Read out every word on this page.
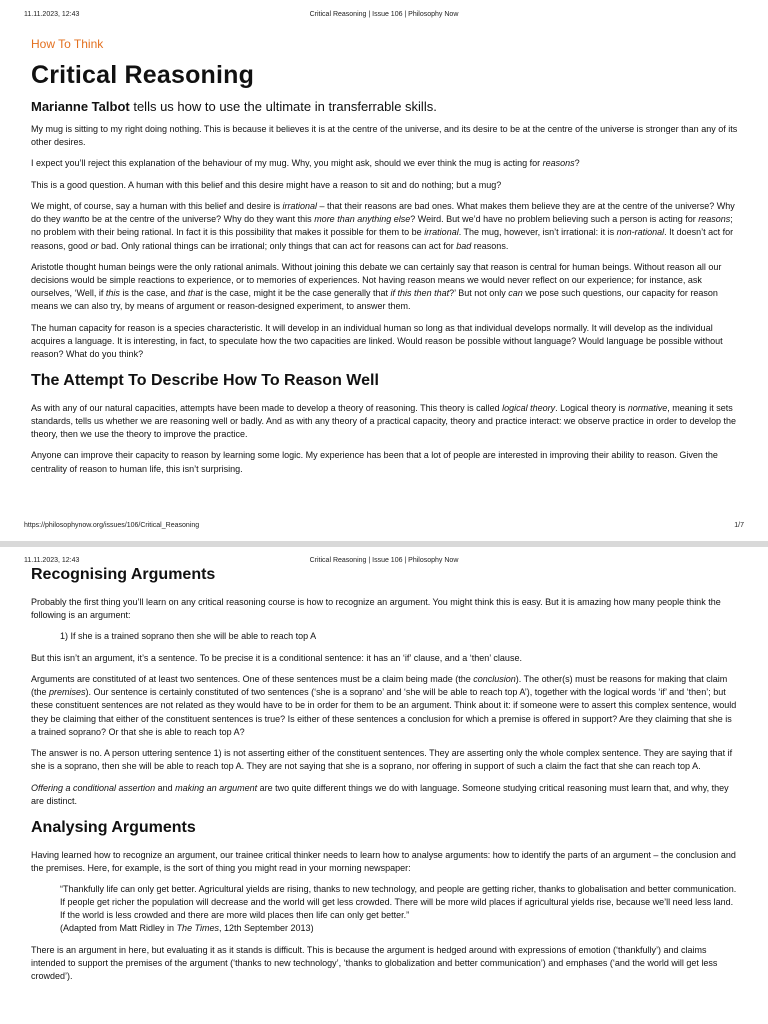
11.11.2023, 12:43	Critical Reasoning | Issue 106 | Philosophy Now
How To Think
Critical Reasoning
Marianne Talbot tells us how to use the ultimate in transferrable skills.

My mug is sitting to my right doing nothing. This is because it believes it is at the centre of the universe, and its desire to be at the centre of the universe is stronger than any of its other desires.

I expect you’ll reject this explanation of the behaviour of my mug. Why, you might ask, should we ever think the mug is acting for reasons?

This is a good question. A human with this belief and this desire might have a reason to sit and do nothing; but a mug?

We might, of course, say a human with this belief and desire is irrational – that their reasons are bad ones. What makes them believe they are at the centre of the universe? Why do they wantto be at the centre of the universe? Why do they want this more than anything else? Weird. But we’d have no problem believing such a person is acting for reasons; no problem with their being rational. In fact it is this possibility that makes it possible for them to be irrational. The mug, however, isn’t irrational: it is non-rational. It doesn’t act for reasons, good or bad. Only rational things can be irrational; only things that can act for reasons can act for bad reasons.

Aristotle thought human beings were the only rational animals. Without joining this debate we can certainly say that reason is central for human beings. Without reason all our decisions would be simple reactions to experience, or to memories of experiences. Not having reason means we would never reflect on our experience; for instance, ask ourselves, ‘Well, if this is the case, and that is the case, might it be the case generally that if this then that?’ But not only can we pose such questions, our capacity for reason means we can also try, by means of argument or reason-designed experiment, to answer them.

The human capacity for reason is a species characteristic. It will develop in an individual human so long as that individual develops normally. It will develop as the individual acquires a language. It is interesting, in fact, to speculate how the two capacities are linked. Would reason be possible without language? Would language be possible without reason? What do you think?

The Attempt To Describe How To Reason Well

As with any of our natural capacities, attempts have been made to develop a theory of reasoning. This theory is called logical theory. Logical theory is normative, meaning it sets standards, tells us whether we are reasoning well or badly. And as with any theory of a practical capacity, theory and practice interact: we observe practice in order to develop the theory, then we use the theory to improve the practice.

Anyone can improve their capacity to reason by learning some logic. My experience has been that a lot of people are interested in improving their ability to reason. Given the centrality of reason to human life, this isn’t surprising.

https://philosophynow.org/issues/106/Critical_Reasoning	1/7
11.11.2023, 12:43	Critical Reasoning | Issue 106 | Philosophy Now
Recognising Arguments

Probably the first thing you’ll learn on any critical reasoning course is how to recognize an argument. You might think this is easy. But it is amazing how many people think the following is an argument:

1) If she is a trained soprano then she will be able to reach top A

But this isn’t an argument, it’s a sentence. To be precise it is a conditional sentence: it has an ‘if’ clause, and a ‘then’ clause.

Arguments are constituted of at least two sentences. One of these sentences must be a claim being made (the conclusion). The other(s) must be reasons for making that claim (the premises). Our sentence is certainly constituted of two sentences (‘she is a soprano’ and ‘she will be able to reach top A’), together with the logical words ‘if’ and ‘then’; but these constituent sentences are not related as they would have to be in order for them to be an argument. Think about it: if someone were to assert this complex sentence, would they be claiming that either of the constituent sentences is true? Is either of these sentences a conclusion for which a premise is offered in support? Are they claiming that she is a trained soprano? Or that she is able to reach top A?

The answer is no. A person uttering sentence 1) is not asserting either of the constituent sentences. They are asserting only the whole complex sentence. They are saying that if she is a soprano, then she will be able to reach top A. They are not saying that she is a soprano, nor offering in support of such a claim the fact that she can reach top A.

Offering a conditional assertion and making an argument are two quite different things we do with language. Someone studying critical reasoning must learn that, and why, they are distinct.

Analysing Arguments

Having learned how to recognize an argument, our trainee critical thinker needs to learn how to analyse arguments: how to identify the parts of an argument – the conclusion and the premises. Here, for example, is the sort of thing you might read in your morning newspaper:

“Thankfully life can only get better. Agricultural yields are rising, thanks to new technology, and people are getting richer, thanks to globalisation and better communication. If people get richer the population will decrease and the world will get less crowded. There will be more wild places if agricultural yields rise, because we’ll need less land. If the world is less crowded and there are more wild places then life can only get better.”
(Adapted from Matt Ridley in The Times, 12th September 2013)

There is an argument in here, but evaluating it as it stands is difficult. This is because the argument is hedged around with expressions of emotion (‘thankfully’) and claims intended to support the premises of the argument (‘thanks to new technology’, ‘thanks to globalization and better communication’) and emphases (‘and the world will get less crowded’).
